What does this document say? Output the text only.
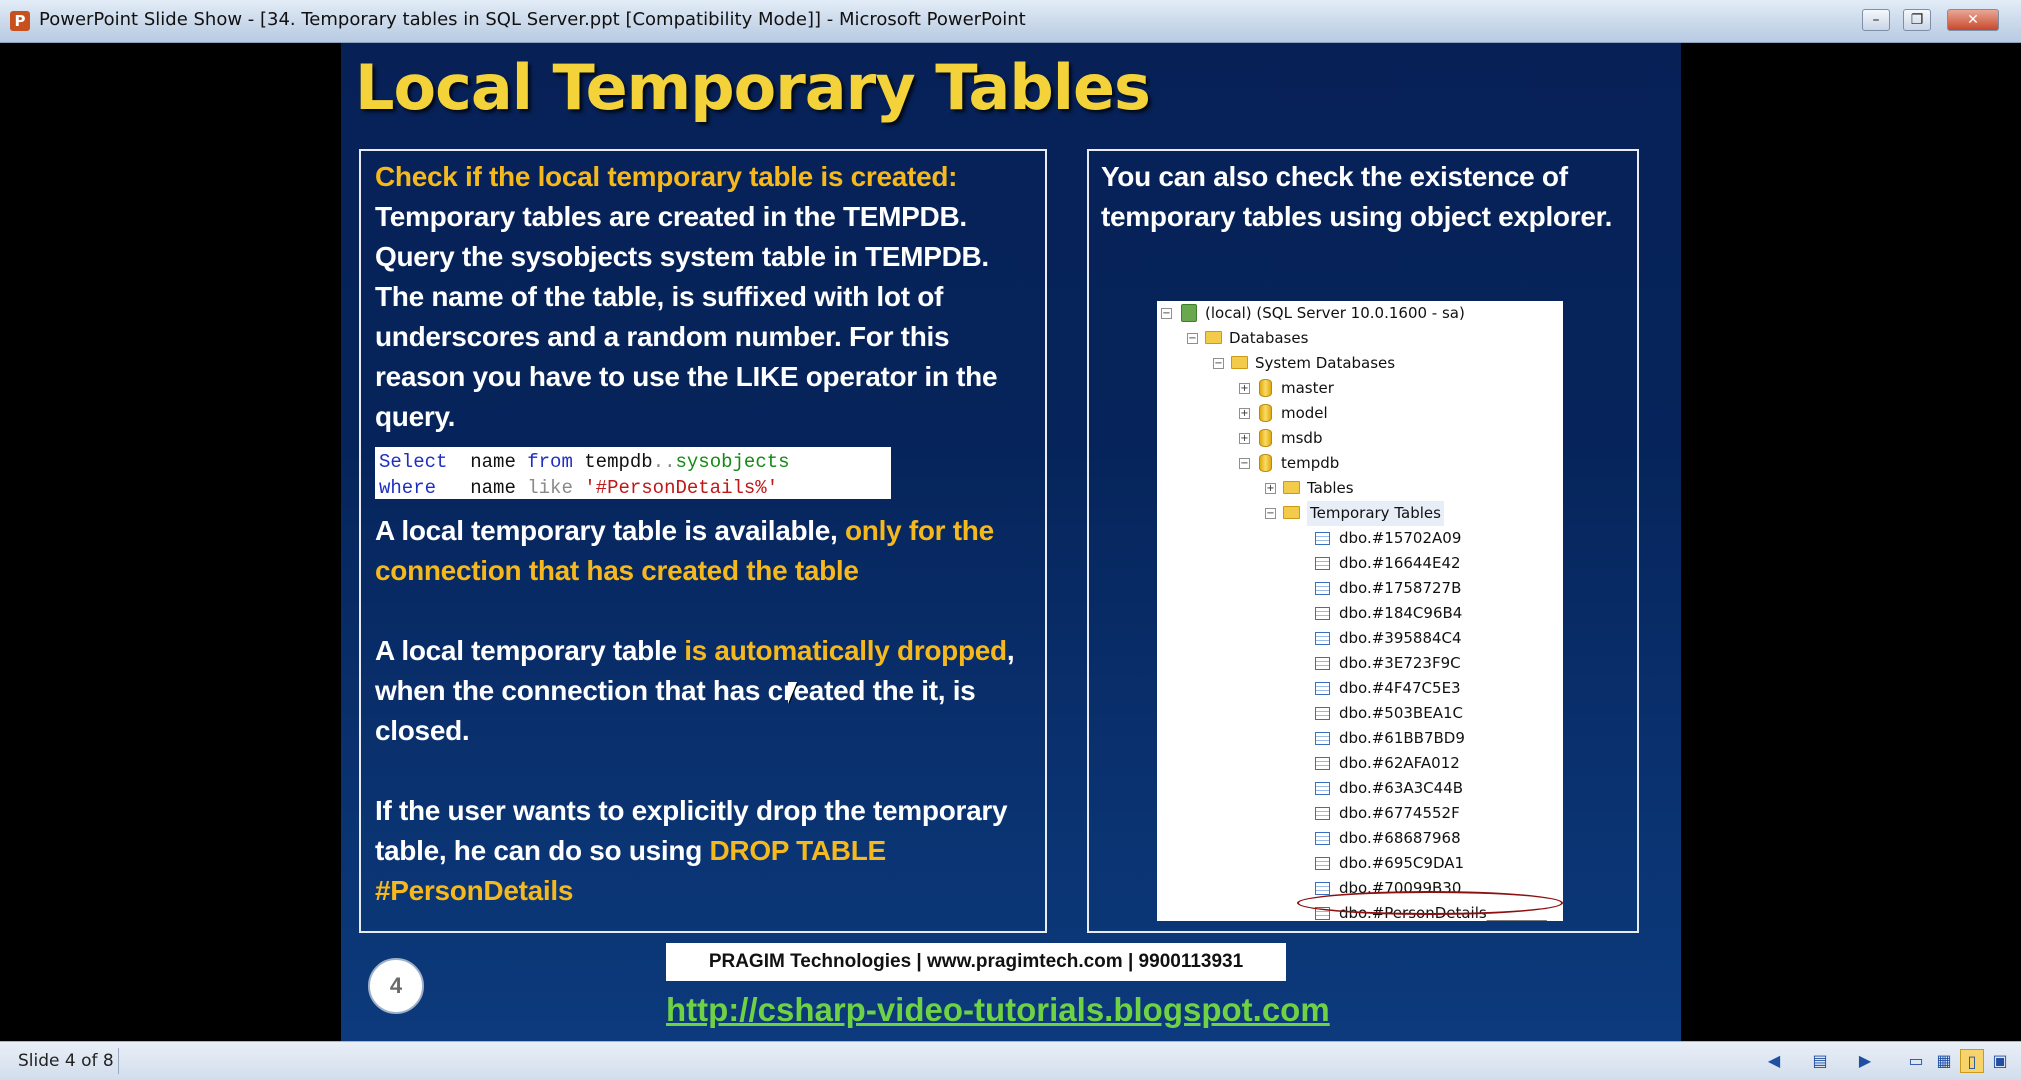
P PowerPoint Slide Show - [34. Temporary tables in SQL Server.ppt [Compatibility Mode]] - Microsoft PowerPoint	–	❐	✕
Local Temporary Tables
Check if the local temporary table is created:
Temporary tables are created in the TEMPDB. Query the sysobjects system table in TEMPDB. The name of the table, is suffixed with lot of underscores and a random number. For this reason you have to use the LIKE operator in the query.
Select name from tempdb..sysobjects
where name like '#PersonDetails%'
A local temporary table is available, only for the connection that has created the table
A local temporary table is automatically dropped, when the connection that has created the it, is closed.
If the user wants to explicitly drop the temporary table, he can do so using DROP TABLE #PersonDetails
You can also check the existence of temporary tables using object explorer.
− (local) (SQL Server 10.0.1600 - sa)
− Databases
− System Databases
+ master
+ model
+ msdb
− tempdb
+ Tables
− Temporary Tables
dbo.#15702A09
dbo.#16644E42
dbo.#1758727B
dbo.#184C96B4
dbo.#395884C4
dbo.#3E723F9C
dbo.#4F47C5E3
dbo.#503BEA1C
dbo.#61BB7BD9
dbo.#62AFA012
dbo.#63A3C44B
dbo.#6774552F
dbo.#68687968
dbo.#695C9DA1
dbo.#70099B30
dbo.#PersonDetails________
4
PRAGIM Technologies | www.pragimtech.com | 9900113931
http://csharp-video-tutorials.blogspot.com
Slide 4 of 8	◀	▤	▶	▭ ▦	▯	▣
